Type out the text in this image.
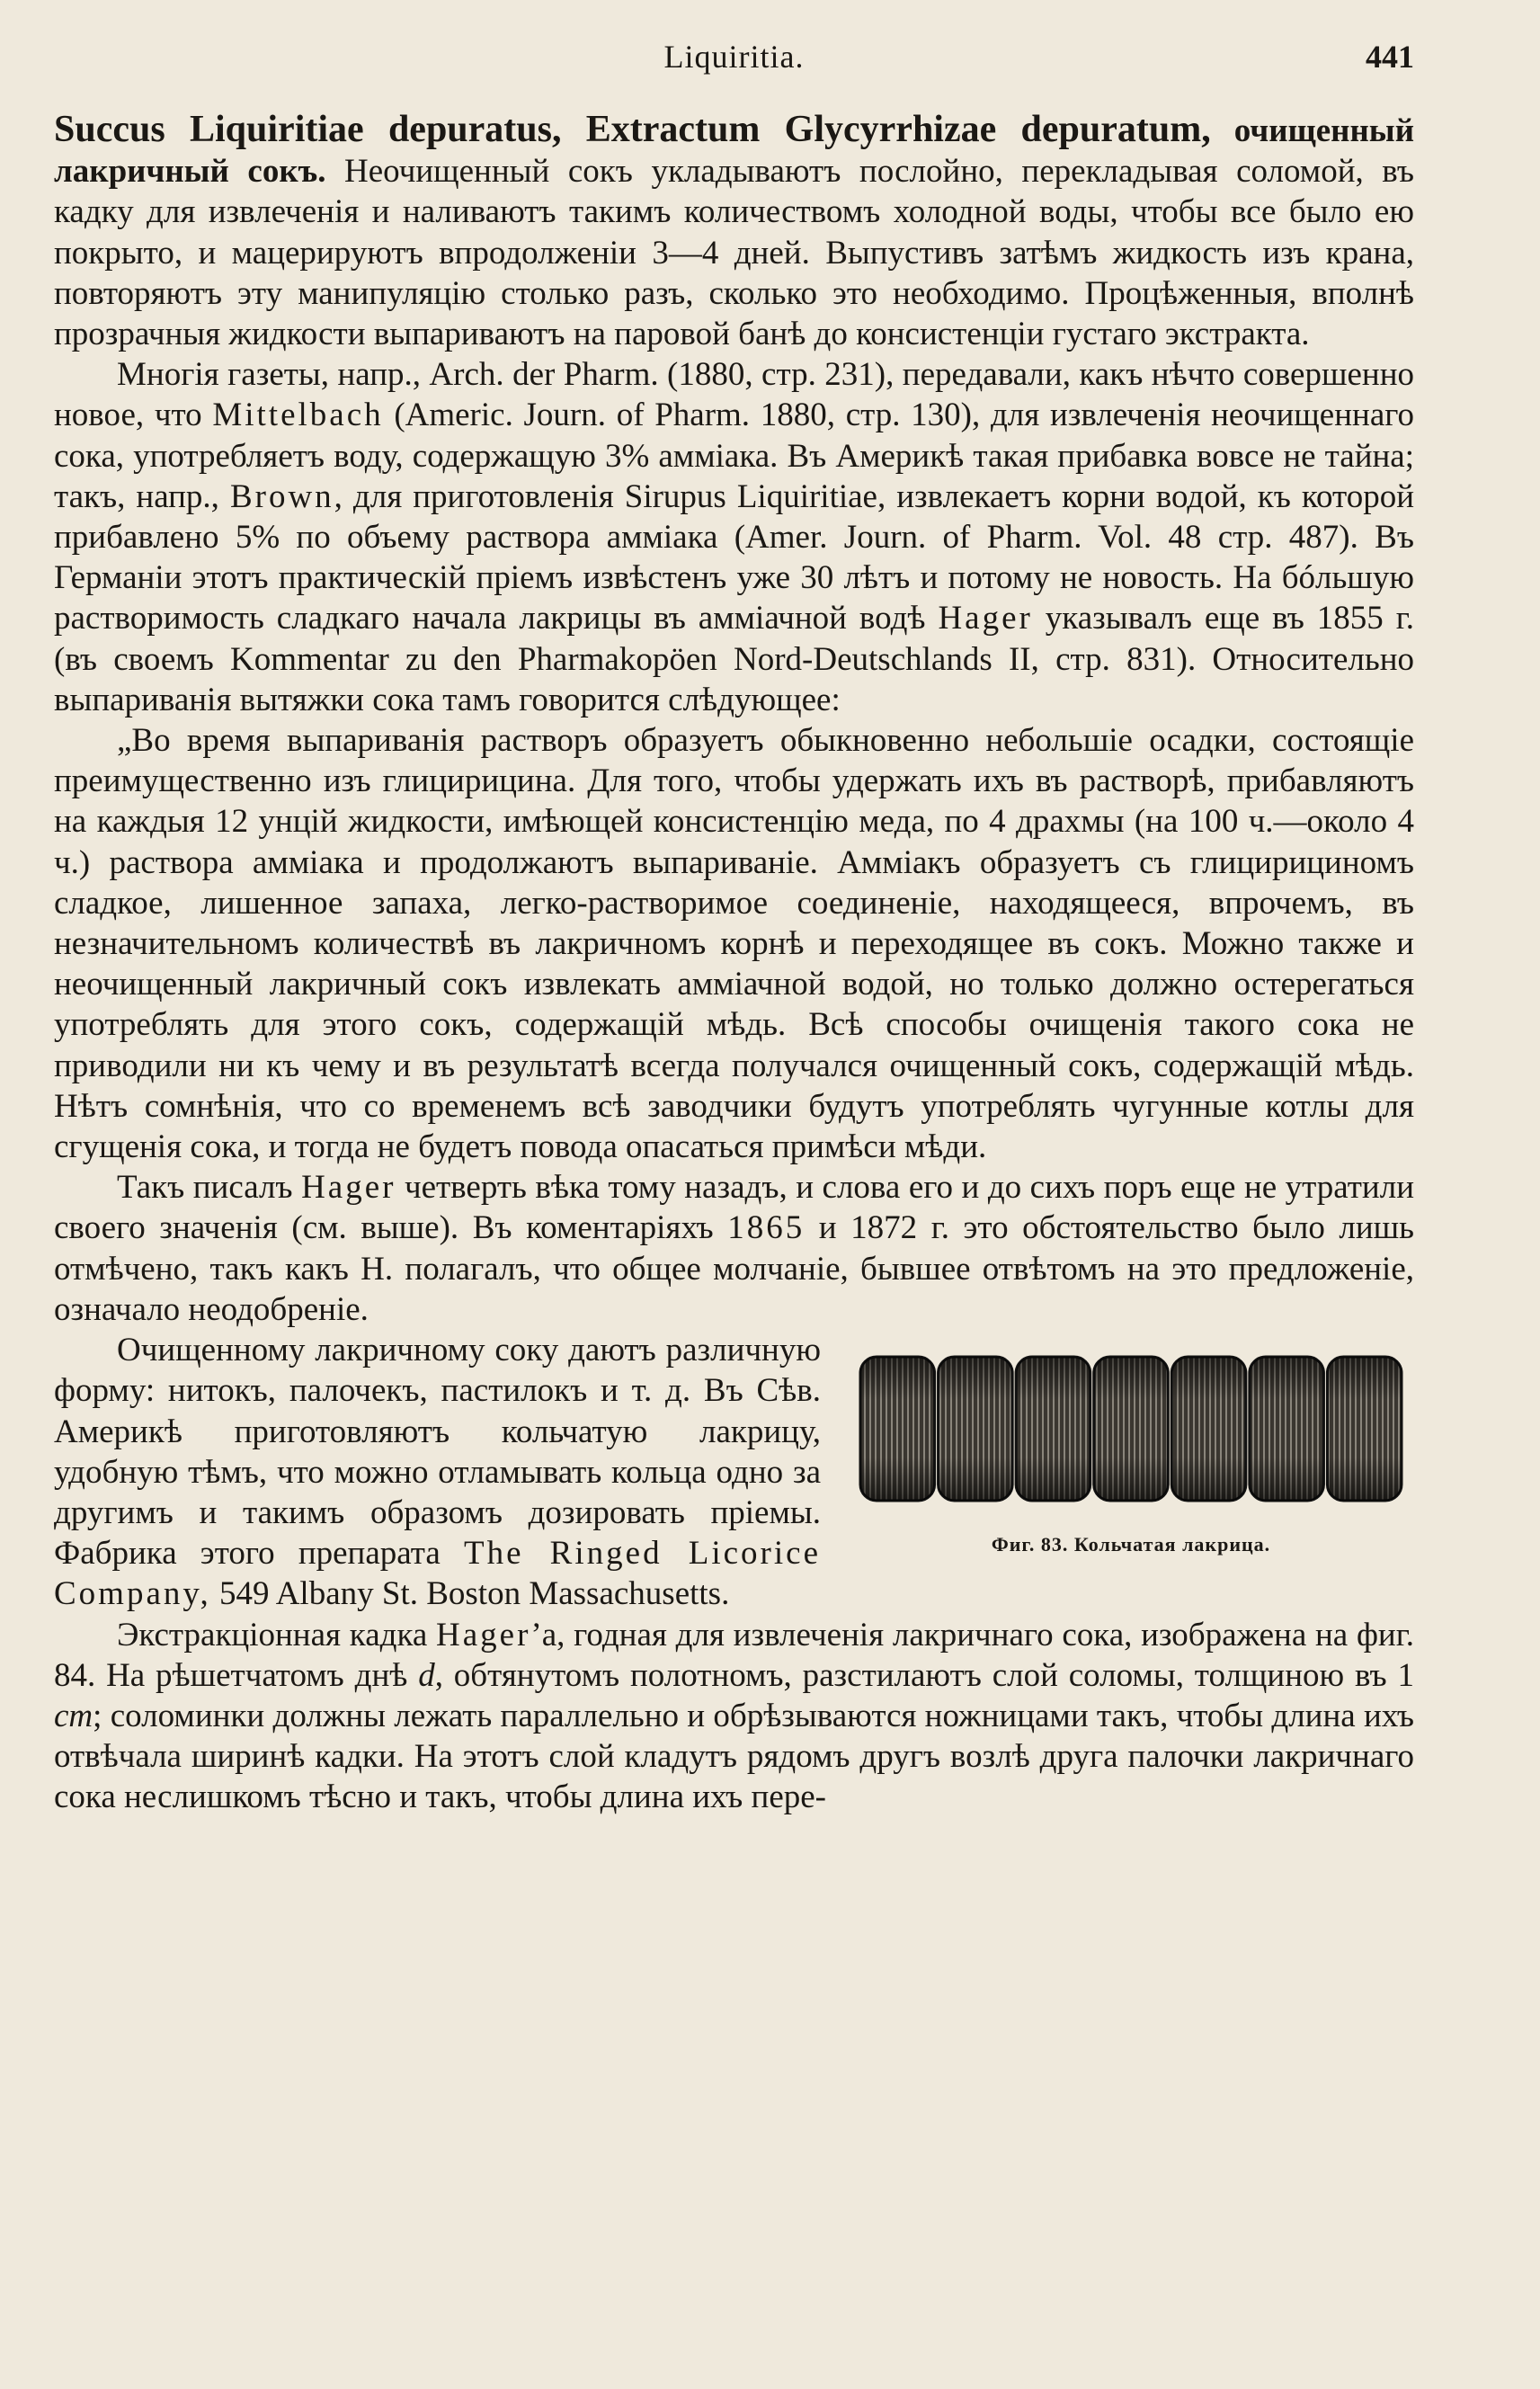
Liquiritia.	441

Succus Liquiritiae depuratus, Extractum Glycyrrhizae depuratum, очищенный лакричный сокъ. Неочищенный сокъ укладываютъ послойно, перекладывая соломой, въ кадку для извлеченія и наливаютъ такимъ количествомъ холодной воды, чтобы все было ею покрыто, и мацерируютъ впродолженіи 3—4 дней. Выпустивъ затѣмъ жидкость изъ крана, повторяютъ эту манипуляцію столько разъ, сколько это необходимо. Процѣженныя, вполнѣ прозрачныя жидкости выпариваютъ на паровой банѣ до консистенціи густаго экстракта.

Многія газеты, напр., Arch. der Pharm. (1880, стр. 231), передавали, какъ нѣчто совершенно новое, что Mittelbach (Americ. Journ. of Pharm. 1880, стр. 130), для извлеченія неочищеннаго сока, употребляетъ воду, содержащую 3% амміака. Въ Америкѣ такая прибавка вовсе не тайна; такъ, напр., Brown, для приготовленія Sirupus Liquiritiae, извлекаетъ корни водой, къ которой прибавлено 5% по объему раствора амміака (Amer. Journ. of Pharm. Vol. 48 стр. 487). Въ Германіи этотъ практическій пріемъ извѣстенъ уже 30 лѣтъ и потому не новость. На бóльшую растворимость сладкаго начала лакрицы въ амміачной водѣ Hager указывалъ еще въ 1855 г. (въ своемъ Kommentar zu den Pharmakopöen Nord-Deutschlands II, стр. 831). Относительно выпариванія вытяжки сока тамъ говорится слѣдующее:

„Во время выпариванія растворъ образуетъ обыкновенно небольшіе осадки, состоящіе преимущественно изъ глицирицина. Для того, чтобы удержать ихъ въ растворѣ, прибавляютъ на каждыя 12 унцій жидкости, имѣющей консистенцію меда, по 4 драхмы (на 100 ч.—около 4 ч.) раствора амміака и продолжаютъ выпариваніе. Амміакъ образуетъ съ глицирициномъ сладкое, лишенное запаха, легко-растворимое соединеніе, находящееся, впрочемъ, въ незначительномъ количествѣ въ лакричномъ корнѣ и переходящее въ сокъ. Можно также и неочищенный лакричный сокъ извлекать амміачной водой, но только должно остерегаться употреблять для этого сокъ, содержащій мѣдь. Всѣ способы очищенія такого сока не приводили ни къ чему и въ результатѣ всегда получался очищенный сокъ, содержащій мѣдь. Нѣтъ сомнѣнія, что со временемъ всѣ заводчики будутъ употреблять чугунные котлы для сгущенія сока, и тогда не будетъ повода опасаться примѣси мѣди.

Такъ писалъ Hager четверть вѣка тому назадъ, и слова его и до сихъ поръ еще не утратили своего значенія (см. выше). Въ коментаріяхъ 1865 и 1872 г. это обстоятельство было лишь отмѣчено, такъ какъ H. полагалъ, что общее молчаніе, бывшее отвѣтомъ на это предложеніе, означало неодобреніе.

Фиг. 83. Кольчатая лакрица.

Очищенному лакричному соку даютъ различную форму: нитокъ, палочекъ, пастилокъ и т. д. Въ Сѣв. Америкѣ приготовляютъ кольчатую лакрицу, удобную тѣмъ, что можно отламывать кольца одно за другимъ и такимъ образомъ дозировать пріемы. Фабрика этого препарата The Ringed Licorice Company, 549 Albany St. Boston Massachusetts.

Экстракціонная кадка Hager’а, годная для извлеченія лакричнаго сока, изображена на фиг. 84. На рѣшетчатомъ днѣ d, обтянутомъ полотномъ, разстилаютъ слой соломы, толщиною въ 1 cm; соломинки должны лежать параллельно и обрѣзываются ножницами такъ, чтобы длина ихъ отвѣчала ширинѣ кадки. На этотъ слой кладутъ рядомъ другъ возлѣ друга палочки лакричнаго сока неслишкомъ тѣсно и такъ, чтобы длина ихъ пере-
